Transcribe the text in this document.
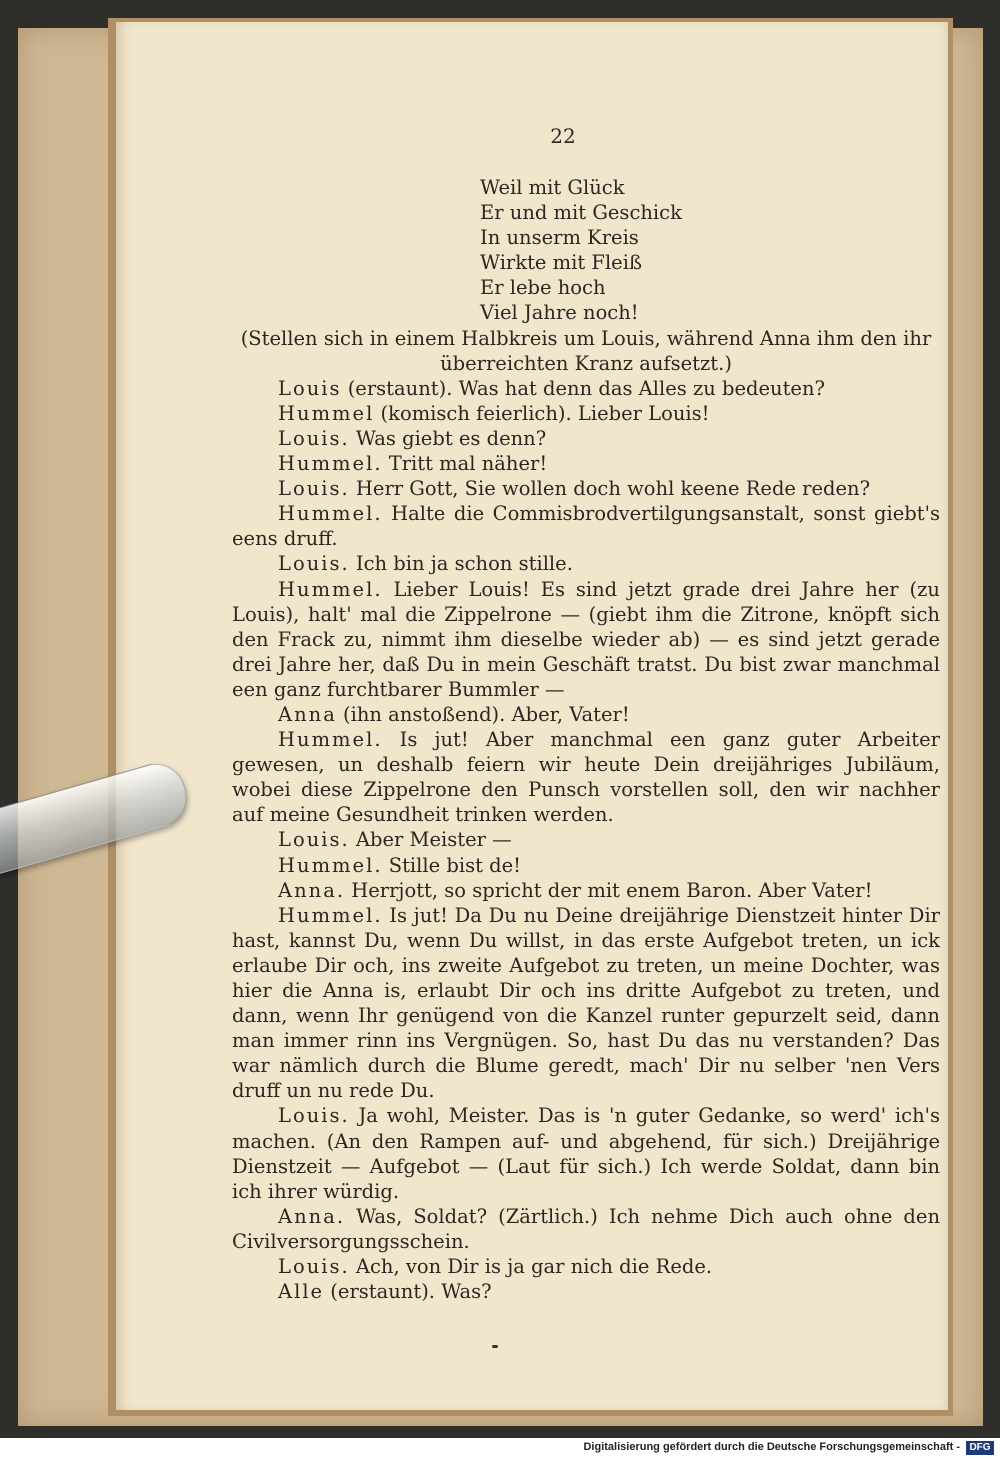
22
Weil mit Glück
Er und mit Geschick
In unserm Kreis
Wirkte mit Fleiß
Er lebe hoch
Viel Jahre noch!
(Stellen sich in einem Halbkreis um Louis, während Anna ihm den ihr
überreichten Kranz aufsetzt.)

Louis (erstaunt). Was hat denn das Alles zu bedeuten?

Hummel (komisch feierlich). Lieber Louis!

Louis. Was giebt es denn?

Hummel. Tritt mal näher!

Louis. Herr Gott, Sie wollen doch wohl keene Rede reden?

Hummel. Halte die Commisbrodvertilgungsanstalt, sonst giebt's eens druff.

Louis. Ich bin ja schon stille.

Hummel. Lieber Louis! Es sind jetzt grade drei Jahre her (zu Louis), halt' mal die Zippelrone — (giebt ihm die Zitrone, knöpft sich den Frack zu, nimmt ihm dieselbe wieder ab) — es sind jetzt gerade drei Jahre her, daß Du in mein Geschäft tratst. Du bist zwar manchmal een ganz furchtbarer Bummler —

Anna (ihn anstoßend). Aber, Vater!

Hummel. Is jut! Aber manchmal een ganz guter Arbeiter gewesen, un deshalb feiern wir heute Dein dreijähriges Jubiläum, wobei diese Zippelrone den Punsch vorstellen soll, den wir nachher auf meine Gesundheit trinken werden.

Louis. Aber Meister —

Hummel. Stille bist de!

Anna. Herrjott, so spricht der mit enem Baron. Aber Vater!

Hummel. Is jut! Da Du nu Deine dreijährige Dienstzeit hinter Dir hast, kannst Du, wenn Du willst, in das erste Aufgebot treten, un ick erlaube Dir och, ins zweite Aufgebot zu treten, un meine Dochter, was hier die Anna is, erlaubt Dir och ins dritte Aufgebot zu treten, und dann, wenn Ihr genügend von die Kanzel runter gepurzelt seid, dann man immer rinn ins Vergnügen. So, hast Du das nu verstanden? Das war nämlich durch die Blume geredt, mach' Dir nu selber 'nen Vers druff un nu rede Du.

Louis. Ja wohl, Meister. Das is 'n guter Gedanke, so werd' ich's machen. (An den Rampen auf- und abgehend, für sich.) Dreijährige Dienstzeit — Aufgebot — (Laut für sich.) Ich werde Soldat, dann bin ich ihrer würdig.

Anna. Was, Soldat? (Zärtlich.) Ich nehme Dich auch ohne den Civilversorgungsschein.

Louis. Ach, von Dir is ja gar nich die Rede.

Alle (erstaunt). Was?

Digitalisierung gefördert durch die Deutsche Forschungsgemeinschaft - DFG
